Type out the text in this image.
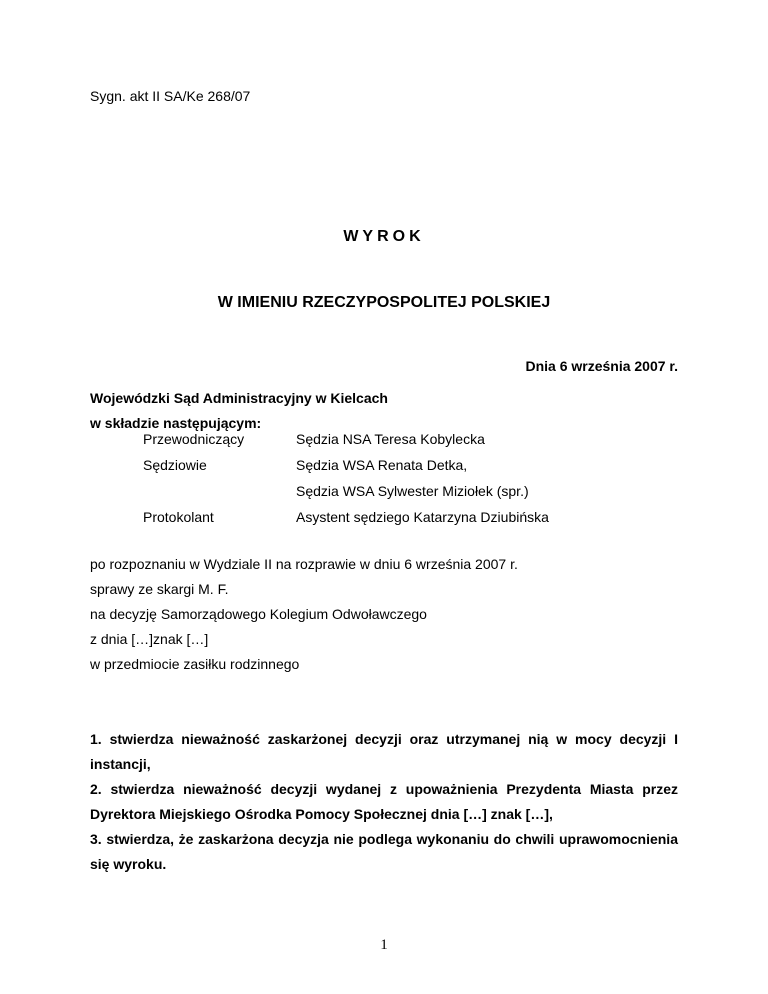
Sygn. akt II SA/Ke 268/07
WYROK
W IMIENIU RZECZYPOSPOLITEJ POLSKIEJ
Dnia 6 września 2007 r.
Wojewódzki Sąd Administracyjny w Kielcach
w składzie następującym:
Przewodniczący	Sędzia NSA Teresa Kobylecka
Sędziowie	Sędzia WSA Renata Detka,
Sędzia WSA Sylwester Miziołek (spr.)
Protokolant	Asystent sędziego Katarzyna Dziubińska
po rozpoznaniu w Wydziale II na rozprawie w dniu 6 września 2007 r.
sprawy ze skargi M. F.
na decyzję Samorządowego Kolegium Odwoławczego
z dnia […]znak […]
w przedmiocie zasiłku rodzinnego

1. stwierdza nieważność zaskarżonej decyzji oraz utrzymanej nią w mocy decyzji I instancji,

2. stwierdza nieważność decyzji wydanej z upoważnienia Prezydenta Miasta przez Dyrektora Miejskiego Ośrodka Pomocy Społecznej dnia […] znak […],

3. stwierdza, że zaskarżona decyzja nie podlega wykonaniu do chwili uprawomocnienia się wyroku.

1
